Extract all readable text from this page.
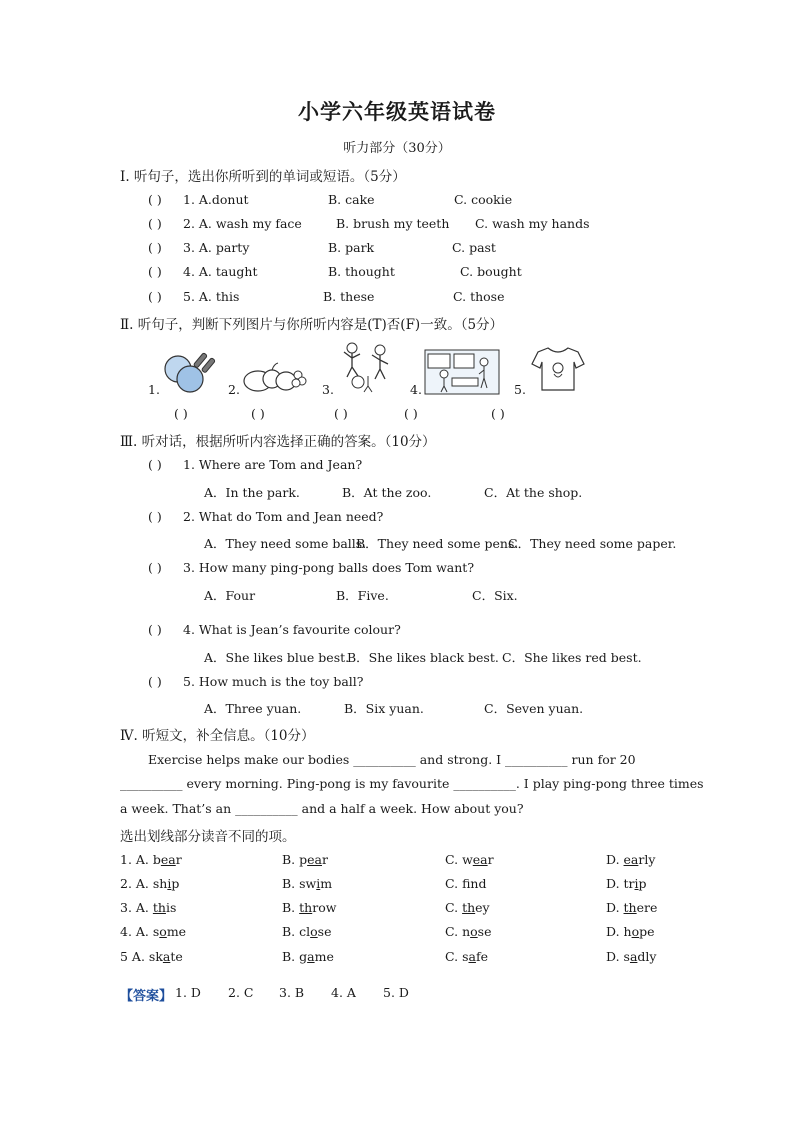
小学六年级英语试卷
听力部分（30分）
Ⅰ. 听句子，选出你所听到的单词或短语。（5分）
( ) 1. A.donut	B. cake	C. cookie
( ) 2. A. wash my face	B. brush my teeth C. wash my hands
( ) 3. A. party	B. park	C. past
( ) 4. A. taught	B. thought	C. bought
( ) 5. A. this	B. these	C. those
Ⅱ. 听句子，判断下列图片与你所听内容是(T)否(F)一致。（5分）
1.	2.	3.	4.	5.
( )	( )	( )	( )	( )
Ⅲ. 听对话，根据所听内容选择正确的答案。（10分）
( ) 1. Where are Tom and Jean?
A．In the park.	B．At the zoo.	C．At the shop.
( ) 2. What do Tom and Jean need?
A．They need some balls.
B．They need some pens.
C．They need some paper.
( ) 3. How many ping-pong balls does Tom want?
A．Four	B．Five.	C．Six.
( ) 4. What is Jean’s favourite colour?
A．She likes blue best.
B．She likes black best. C．She likes red best.
( ) 5. How much is the toy ball?
A．Three yuan.	B．Six yuan.	C．Seven yuan.
Ⅳ. 听短文，补全信息。（10分）
Exercise helps make our bodies __________ and strong. I __________ run for 20
__________ every morning. Ping-pong is my favourite __________. I play ping-pong three times
a week. That’s an __________ and a half a week. How about you?
选出划线部分读音不同的项。
1. A. bear	B. pear	C. wear	D. early
2. A. ship	B. swim	C. fnd	D. trip
3. A. this	B. throw	C. they	D. there
4. A. some	B. close	C. nose	D. hope
5 A. skate	B. game	C. safe	D. sadly
【答案】 1. D 2. C 3. B 4. A 5. D
